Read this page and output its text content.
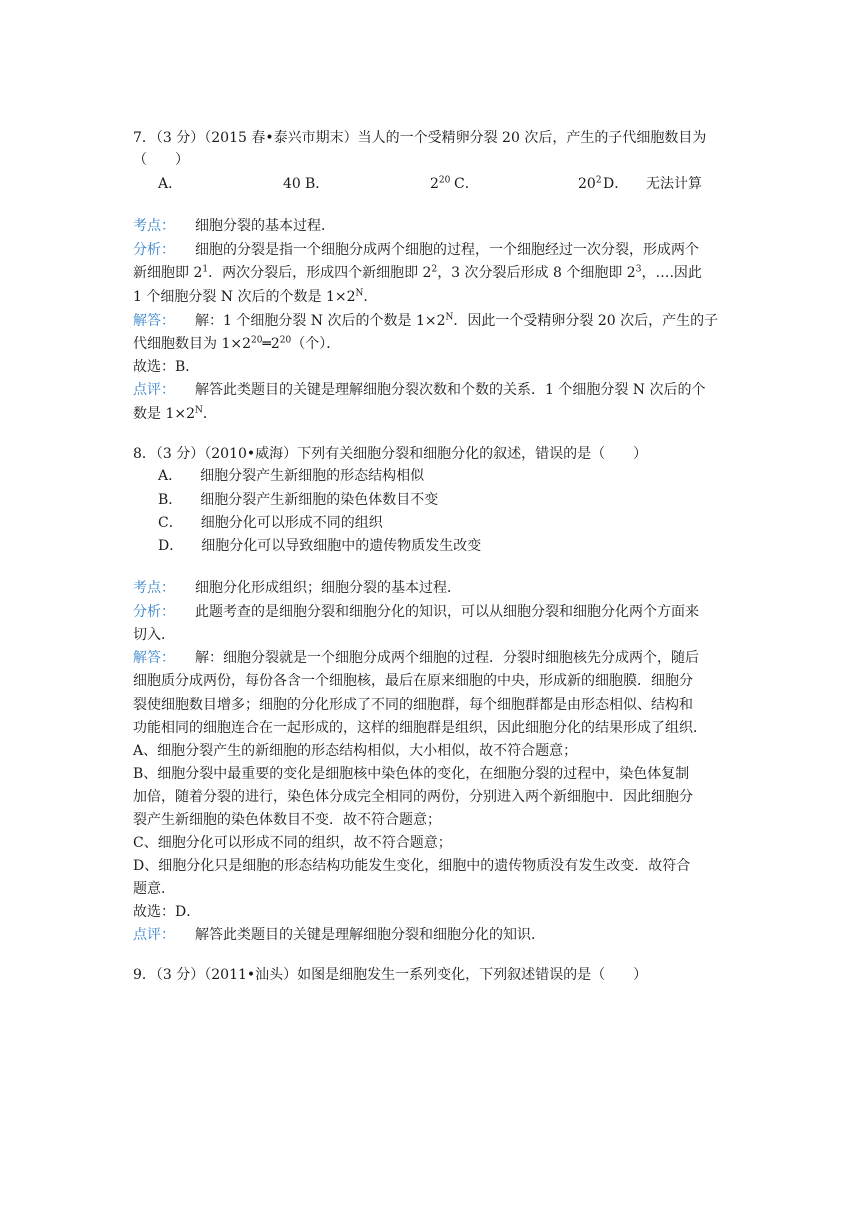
7．（3 分）（2015 春•泰兴市期末）当人的一个受精卵分裂 20 次后，产生的子代细胞数目为
（　　）
A．	40 B．	$2^{20}$ C．	$20^2$ D． 无法计算
考点： 细胞分裂的基本过程．
分析： 细胞的分裂是指一个细胞分成两个细胞的过程，一个细胞经过一次分裂，形成两个
新细胞即 $2^1$．两次分裂后，形成四个新细胞即 $2^2$，3 次分裂后形成 8 个细胞即 $2^3$，….因此
1 个细胞分裂 N 次后的个数是 $1\times 2^N$．
解答： 解：1 个细胞分裂 N 次后的个数是 $1\times 2^N$．因此一个受精卵分裂 20 次后，产生的子
代细胞数目为 $1\times 2^{20}═2^{20}$（个）．
故选：B．
点评： 解答此类题目的关键是理解细胞分裂次数和个数的关系．1 个细胞分裂 N 次后的个
数是 $1\times 2^N$．
8．（3 分）（2010•威海）下列有关细胞分裂和细胞分化的叙述，错误的是（　　）
A． 细胞分裂产生新细胞的形态结构相似
B． 细胞分裂产生新细胞的染色体数目不变
C． 细胞分化可以形成不同的组织
D． 细胞分化可以导致细胞中的遗传物质发生改变
考点： 细胞分化形成组织；细胞分裂的基本过程．
分析： 此题考查的是细胞分裂和细胞分化的知识，可以从细胞分裂和细胞分化两个方面来
切入．
解答： 解：细胞分裂就是一个细胞分成两个细胞的过程．分裂时细胞核先分成两个，随后
细胞质分成两份，每份各含一个细胞核，最后在原来细胞的中央，形成新的细胞膜．细胞分
裂使细胞数目增多；细胞的分化形成了不同的细胞群，每个细胞群都是由形态相似、结构和
功能相同的细胞连合在一起形成的，这样的细胞群是组织，因此细胞分化的结果形成了组织．
A、细胞分裂产生的新细胞的形态结构相似，大小相似，故不符合题意；
B、细胞分裂中最重要的变化是细胞核中染色体的变化，在细胞分裂的过程中，染色体复制
加倍，随着分裂的进行，染色体分成完全相同的两份，分别进入两个新细胞中．因此细胞分
裂产生新细胞的染色体数目不变．故不符合题意；
C、细胞分化可以形成不同的组织，故不符合题意；
D、细胞分化只是细胞的形态结构功能发生变化，细胞中的遗传物质没有发生改变．故符合
题意．
故选：D．
点评： 解答此类题目的关键是理解细胞分裂和细胞分化的知识．
9．（3 分）（2011•汕头）如图是细胞发生一系列变化，下列叙述错误的是（　　）
